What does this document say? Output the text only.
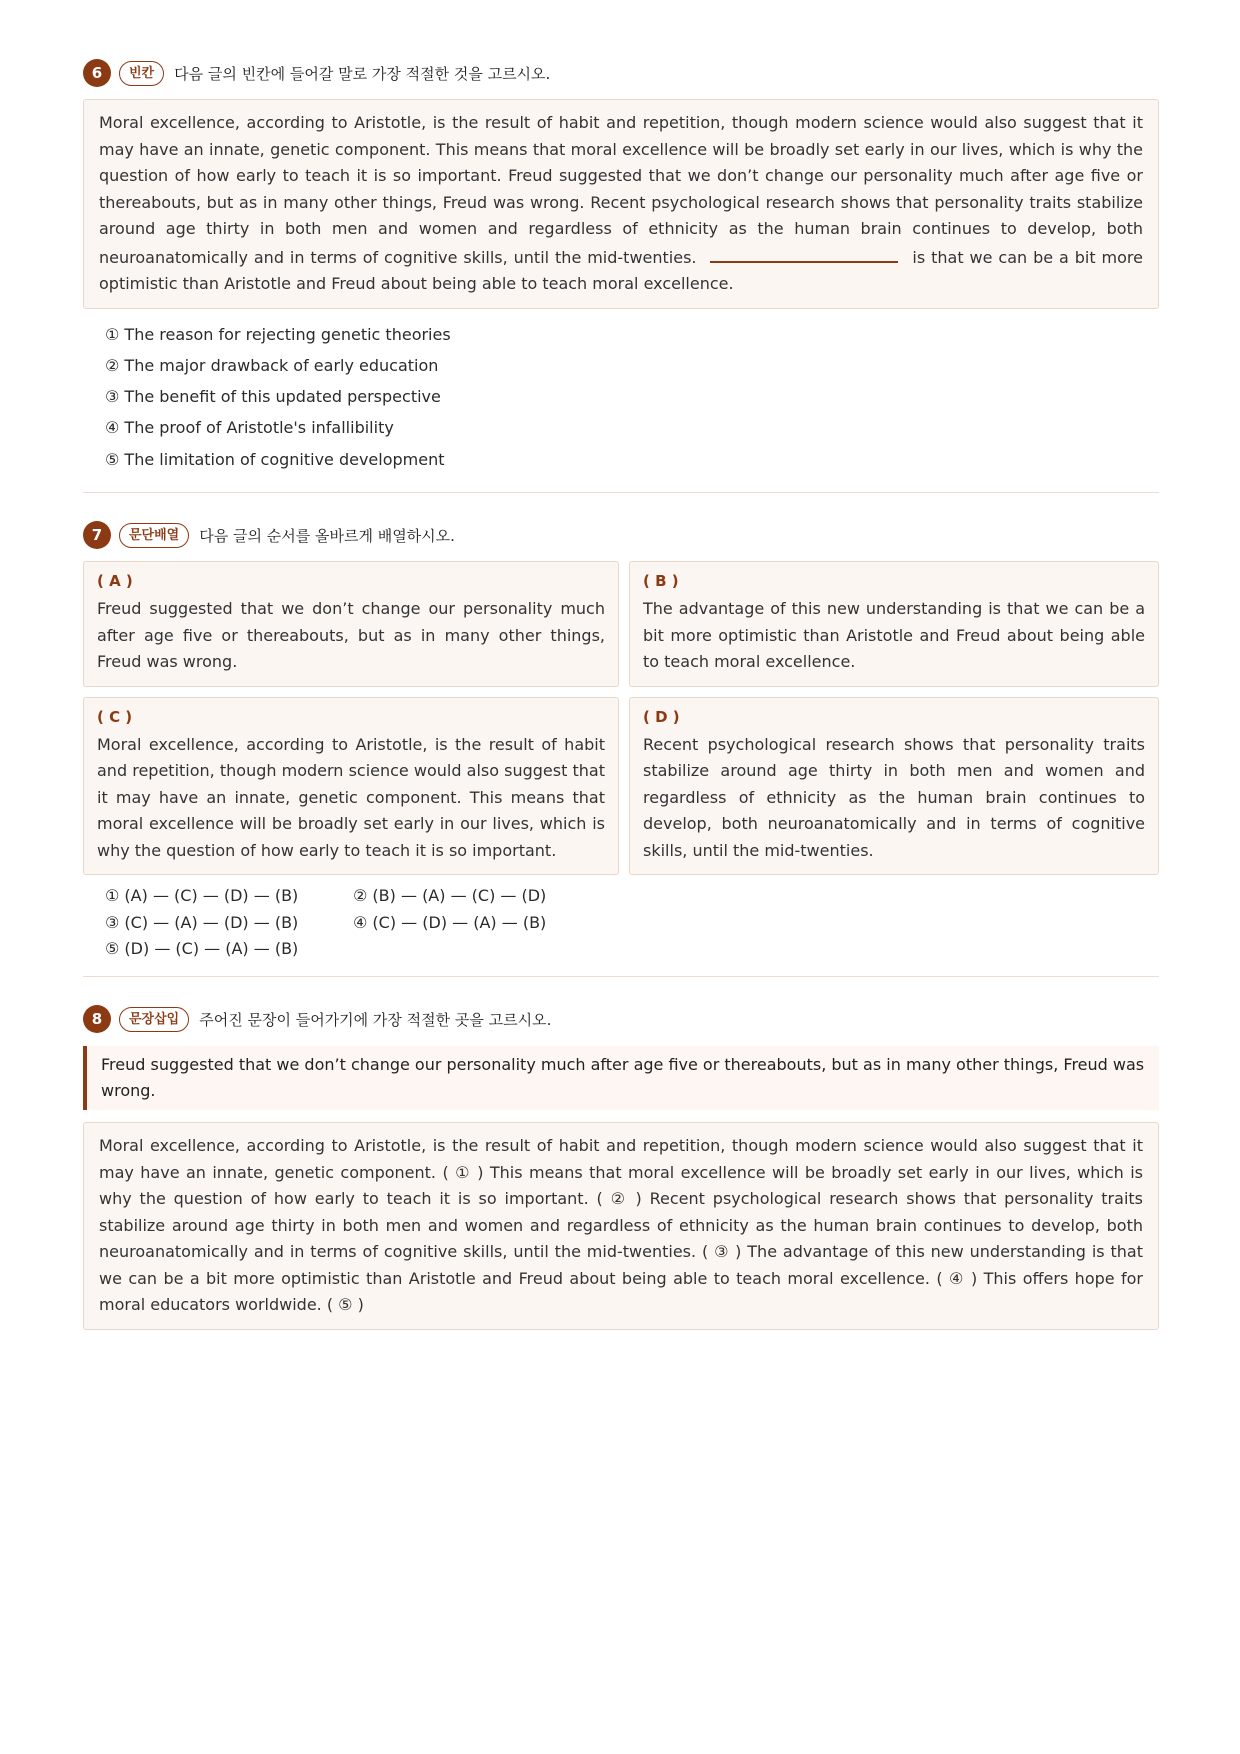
6	빈칸	다음 글의 빈칸에 들어갈 말로 가장 적절한 것을 고르시오.
Moral excellence, according to Aristotle, is the result of habit and repetition, though modern science would also suggest that it may have an innate, genetic component. This means that moral excellence will be broadly set early in our lives, which is why the question of how early to teach it is so important. Freud suggested that we don’t change our personality much after age five or thereabouts, but as in many other things, Freud was wrong. Recent psychological research shows that personality traits stabilize around age thirty in both men and women and regardless of ethnicity as the human brain continues to develop, both neuroanatomically and in terms of cognitive skills, until the mid-twenties.	is that we can be a bit more optimistic than Aristotle and Freud about being able to teach moral excellence.
① The reason for rejecting genetic theories
② The major drawback of early education
③ The benefit of this updated perspective
④ The proof of Aristotle's infallibility
⑤ The limitation of cognitive development
7	문단배열	다음 글의 순서를 올바르게 배열하시오.
( A )
Freud suggested that we don’t change our personality much after age five or thereabouts, but as in many other things, Freud was wrong.
( B )
The advantage of this new understanding is that we can be a bit more optimistic than Aristotle and Freud about being able to teach moral excellence.
( C )
Moral excellence, according to Aristotle, is the result of habit and repetition, though modern science would also suggest that it may have an innate, genetic component. This means that moral excellence will be broadly set early in our lives, which is why the question of how early to teach it is so important.
( D )
Recent psychological research shows that personality traits stabilize around age thirty in both men and women and regardless of ethnicity as the human brain continues to develop, both neuroanatomically and in terms of cognitive skills, until the mid-twenties.
① (A) — (C) — (D) — (B)	② (B) — (A) — (C) — (D)
③ (C) — (A) — (D) — (B)	④ (C) — (D) — (A) — (B)
⑤ (D) — (C) — (A) — (B)
8	문장삽입	주어진 문장이 들어가기에 가장 적절한 곳을 고르시오.
Freud suggested that we don’t change our personality much after age five or thereabouts, but as in many other things, Freud was wrong.
Moral excellence, according to Aristotle, is the result of habit and repetition, though modern science would also suggest that it may have an innate, genetic component. ( ① ) This means that moral excellence will be broadly set early in our lives, which is why the question of how early to teach it is so important. ( ② ) Recent psychological research shows that personality traits stabilize around age thirty in both men and women and regardless of ethnicity as the human brain continues to develop, both neuroanatomically and in terms of cognitive skills, until the mid-twenties. ( ③ ) The advantage of this new understanding is that we can be a bit more optimistic than Aristotle and Freud about being able to teach moral excellence. ( ④ ) This offers hope for moral educators worldwide. ( ⑤ )
